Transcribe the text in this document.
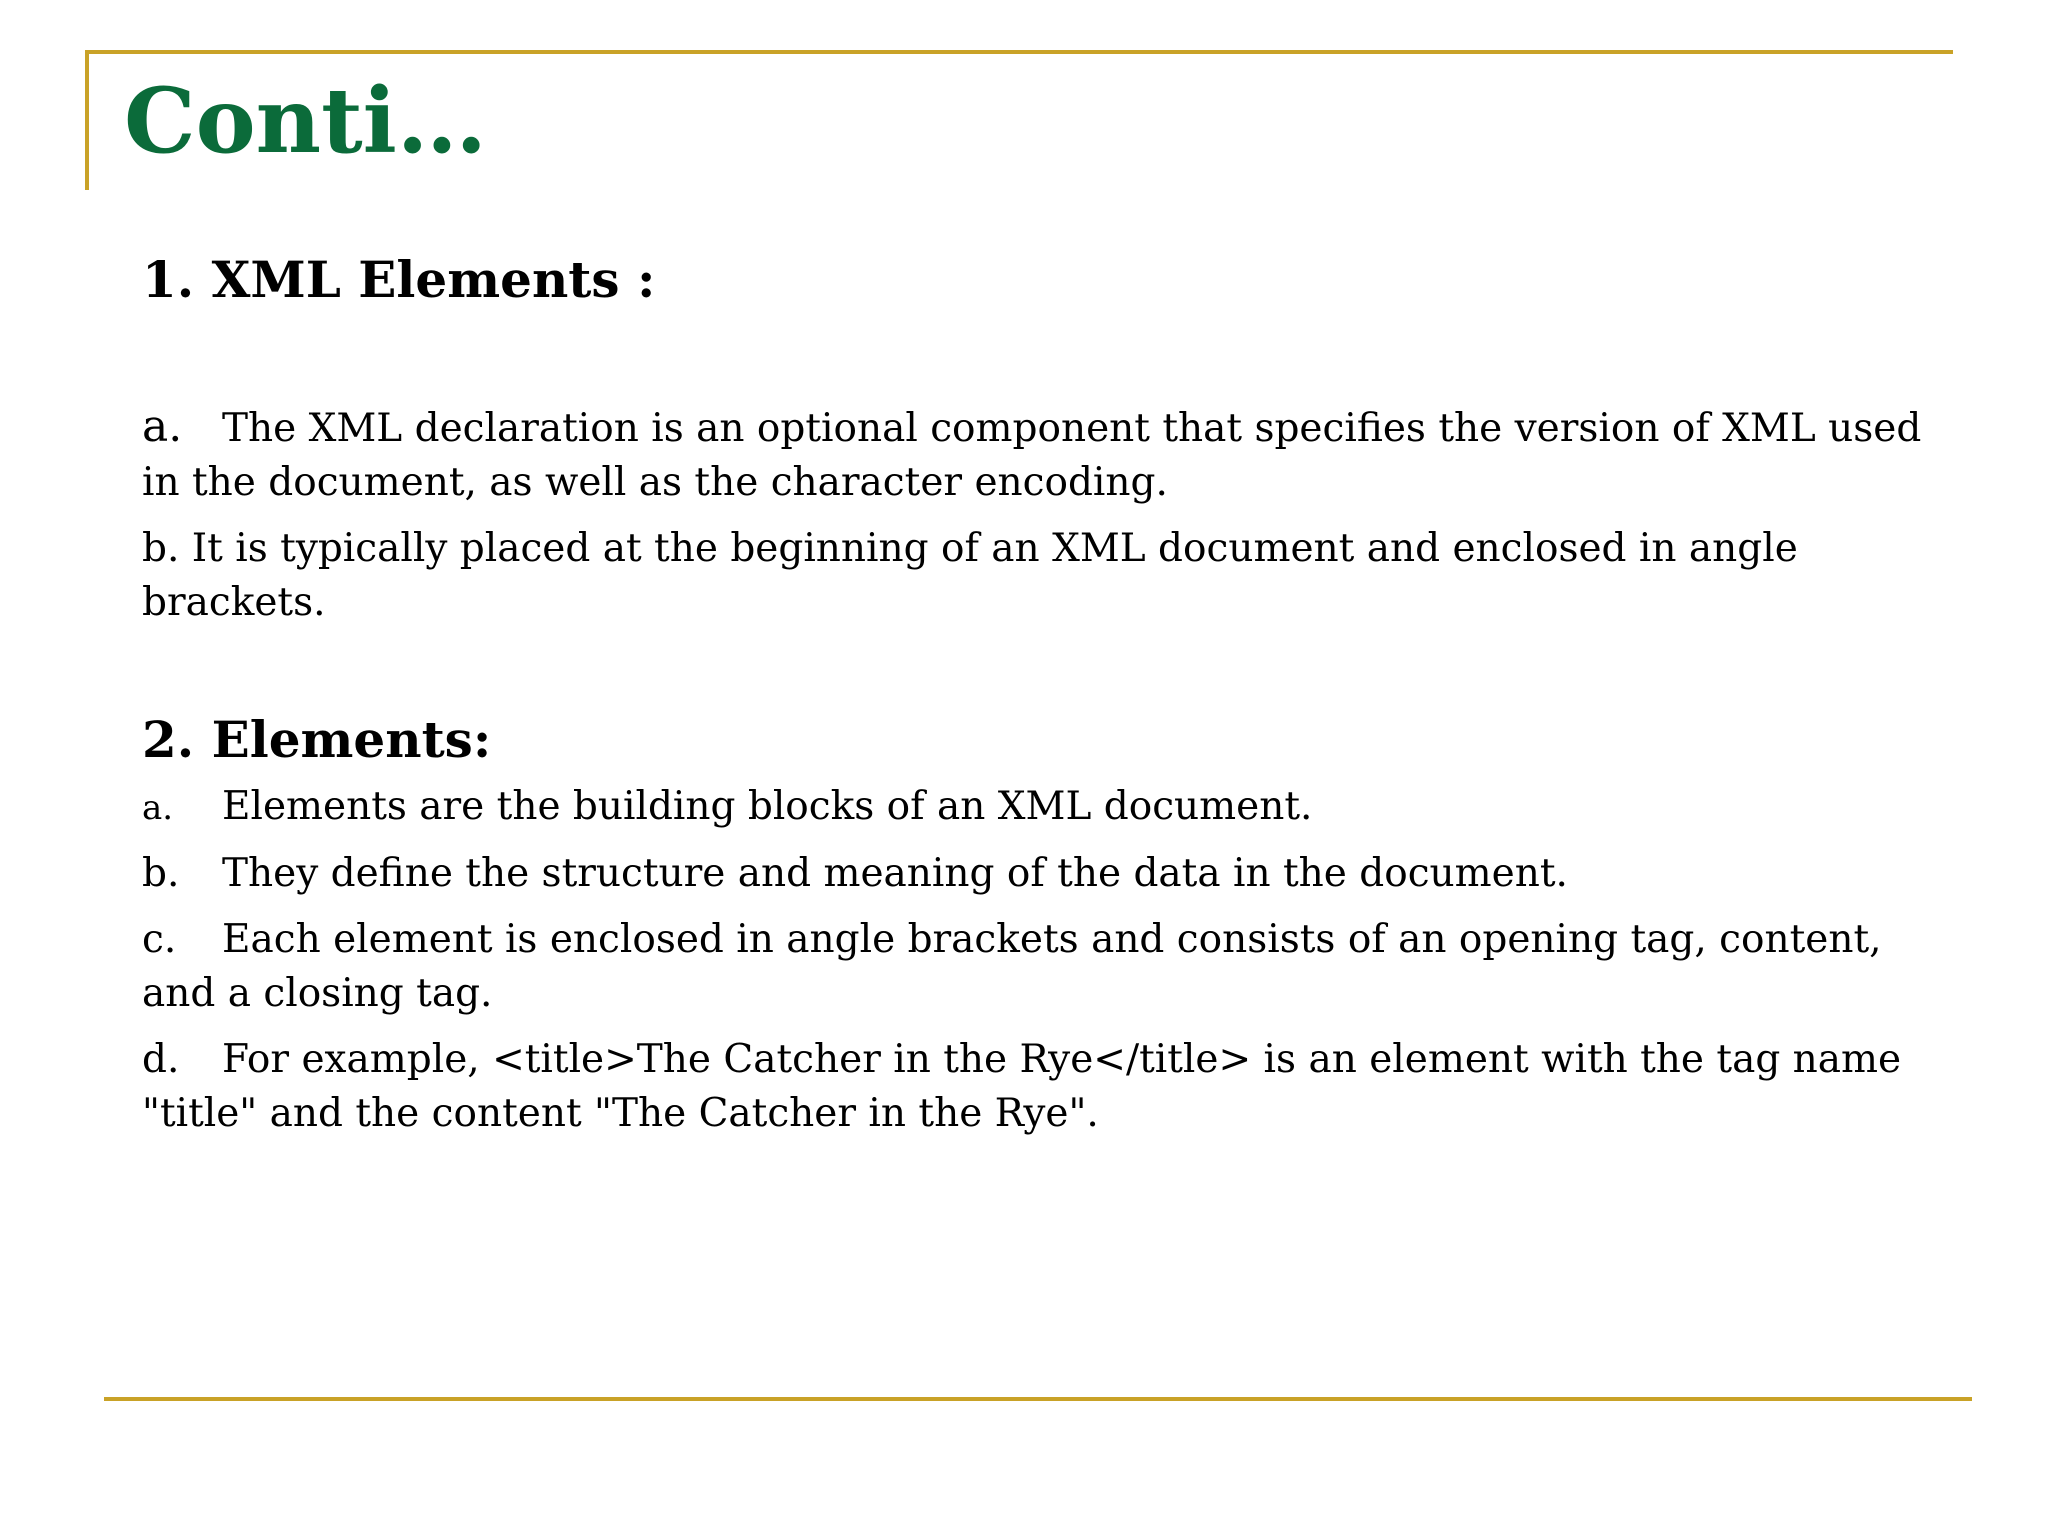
Conti…
1. XML Elements :

a. The XML declaration is an optional component that specifies the version of XML used in the document, as well as the character encoding.

b. It is typically placed at the beginning of an XML document and enclosed in angle brackets.

2. Elements:

a. Elements are the building blocks of an XML document.

b. They define the structure and meaning of the data in the document.

c. Each element is enclosed in angle brackets and consists of an opening tag, content, and a closing tag.

d. For example, <title>The Catcher in the Rye</title> is an element with the tag name "title" and the content "The Catcher in the Rye".
